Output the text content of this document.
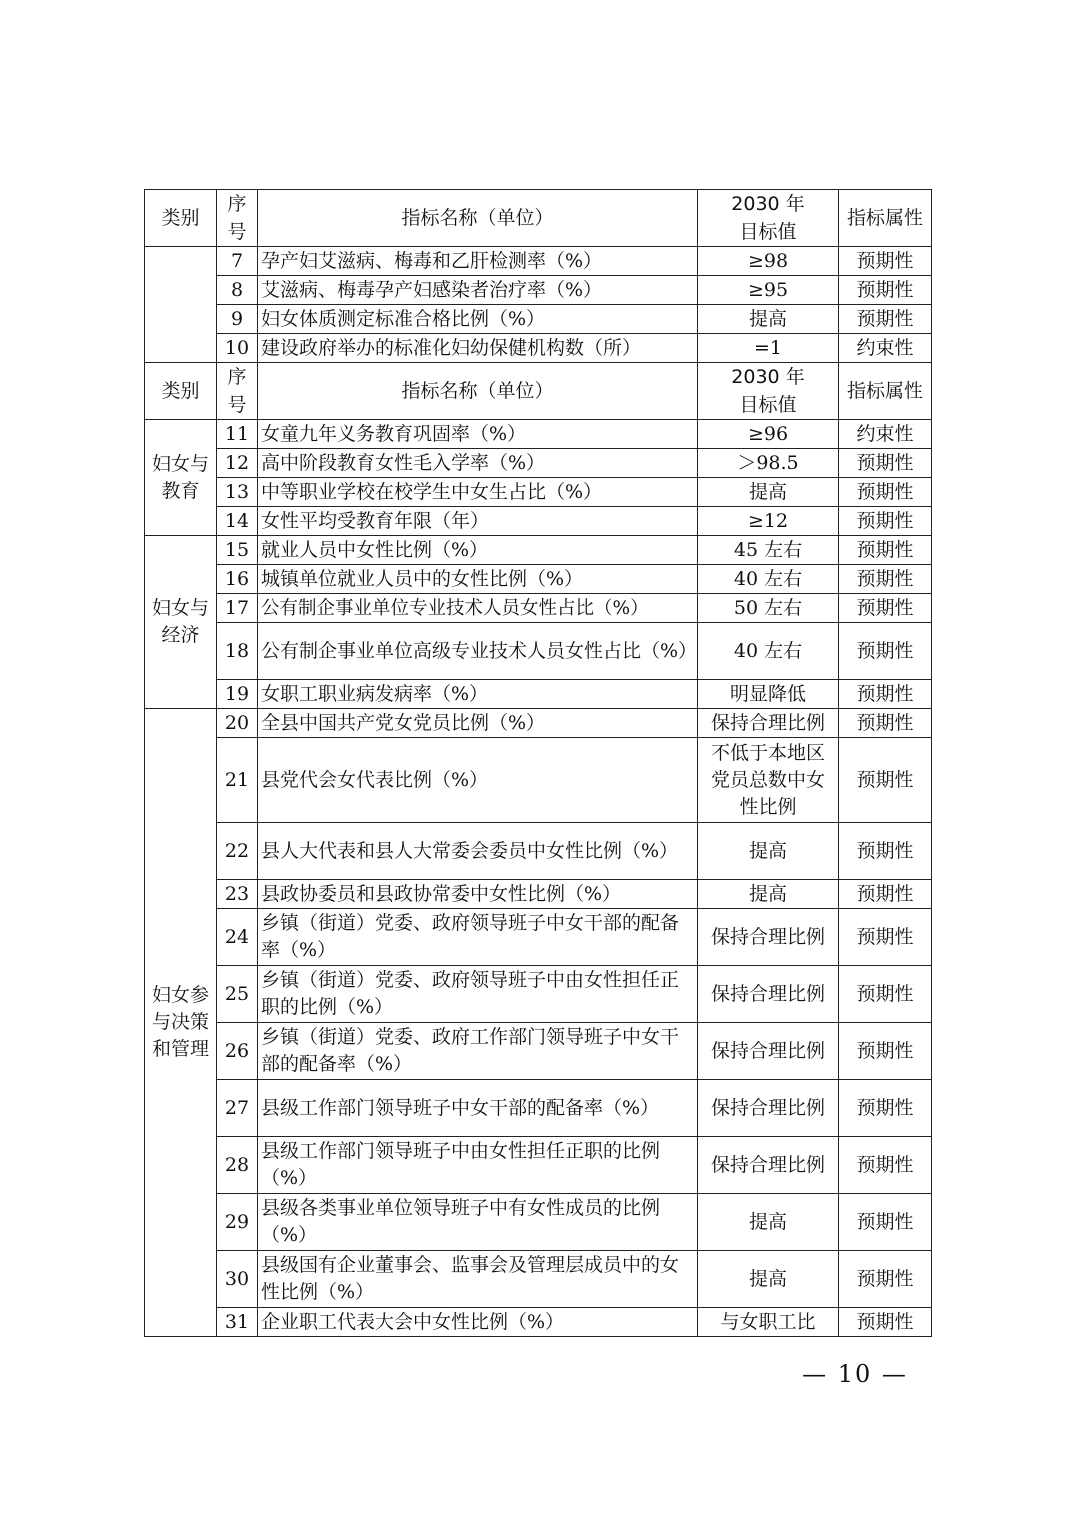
类别	序号	指标名称（单位）	2030 年目标值	指标属性
	7	孕产妇艾滋病、梅毒和乙肝检测率（%）	≥98	预期性
	8	艾滋病、梅毒孕产妇感染者治疗率（%）	≥95	预期性
	9	妇女体质测定标准合格比例（%）	提高	预期性
	10	建设政府举办的标准化妇幼保健机构数（所）	=1	约束性
类别	序号	指标名称（单位）	2030 年目标值	指标属性
妇女与教育	11	女童九年义务教育巩固率（%）	≥96	约束性
	12	高中阶段教育女性毛入学率（%）	＞98.5	预期性
	13	中等职业学校在校学生中女生占比（%）	提高	预期性
	14	女性平均受教育年限（年）	≥12	预期性
妇女与经济	15	就业人员中女性比例（%）	45 左右	预期性
	16	城镇单位就业人员中的女性比例（%）	40 左右	预期性
	17	公有制企事业单位专业技术人员女性占比（%）	50 左右	预期性
	18	公有制企事业单位高级专业技术人员女性占比（%）	40 左右	预期性
	19	女职工职业病发病率（%）	明显降低	预期性
妇女参与决策和管理	20	全县中国共产党女党员比例（%）	保持合理比例	预期性
	21	县党代会女代表比例（%）	不低于本地区党员总数中女性比例	预期性
	22	县人大代表和县人大常委会委员中女性比例（%）	提高	预期性
	23	县政协委员和县政协常委中女性比例（%）	提高	预期性
	24	乡镇（街道）党委、政府领导班子中女干部的配备率（%）	保持合理比例	预期性
	25	乡镇（街道）党委、政府领导班子中由女性担任正职的比例（%）	保持合理比例	预期性
	26	乡镇（街道）党委、政府工作部门领导班子中女干部的配备率（%）	保持合理比例	预期性
	27	县级工作部门领导班子中女干部的配备率（%）	保持合理比例	预期性
	28	县级工作部门领导班子中由女性担任正职的比例（%）	保持合理比例	预期性
	29	县级各类事业单位领导班子中有女性成员的比例（%）	提高	预期性
	30	县级国有企业董事会、监事会及管理层成员中的女性比例（%）	提高	预期性
	31	企业职工代表大会中女性比例（%）	与女职工比	预期性
— 10 —
